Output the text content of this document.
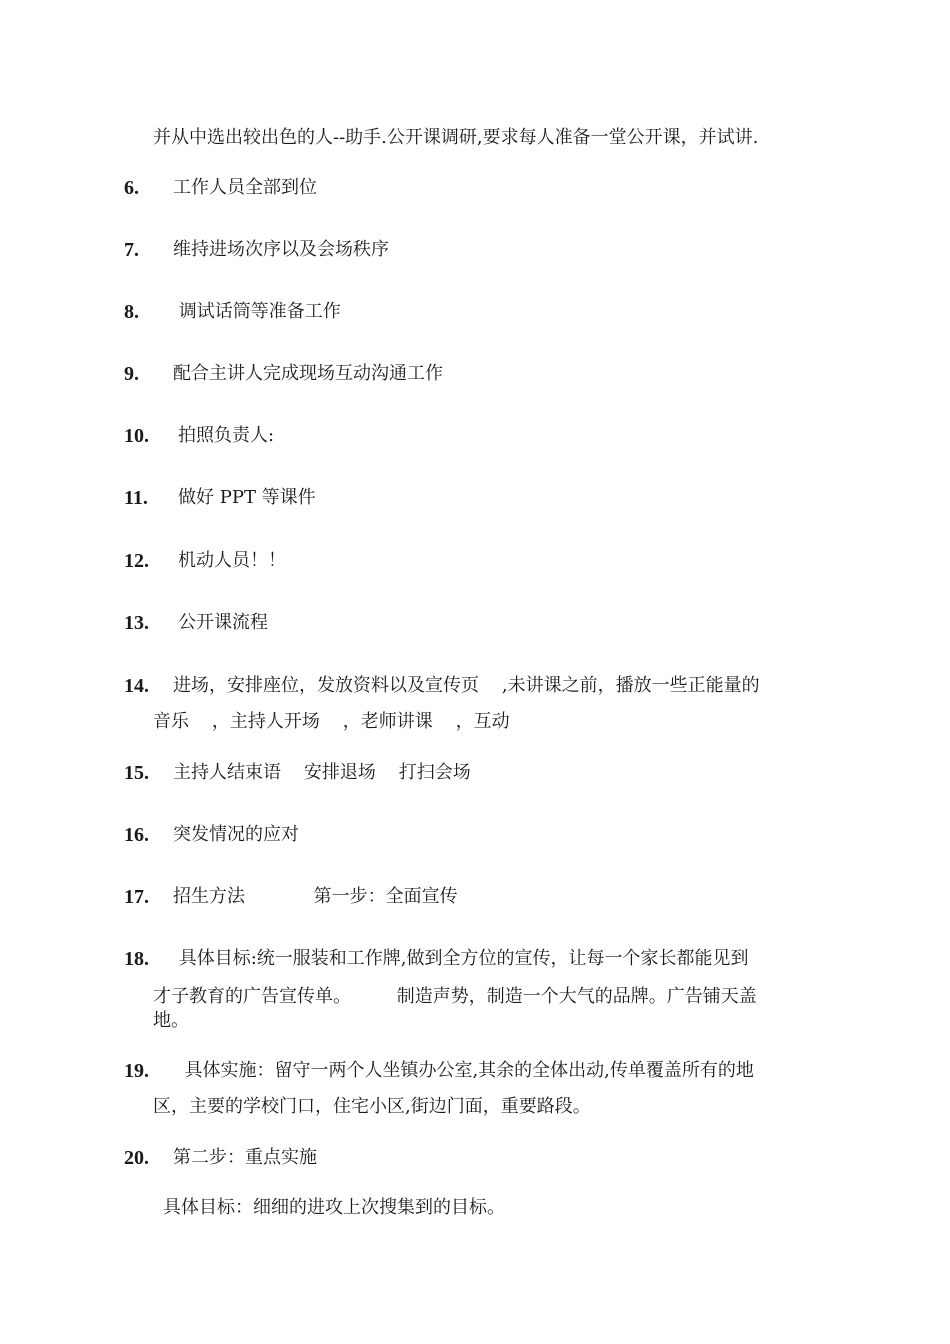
并从中选出较出色的人--助手.公开课调研,要求每人准备一堂公开课，并试讲.
6. 工作人员全部到位
7. 维持进场次序以及会场秩序
8. 调试话筒等准备工作
9. 配合主讲人完成现场互动沟通工作
10. 拍照负责人:
11. 做好 PPT 等课件
12. 机动人员！！
13. 公开课流程
14. 进场，安排座位，发放资料以及宣传页    ,未讲课之前，播放一些正能量的
音乐    ，主持人开场    ，老师讲课    ，互动
15. 主持人结束语    安排退场    打扫会场
16. 突发情况的应对
17. 招生方法            第一步：全面宣传
18. 具体目标:统一服装和工作牌,做到全方位的宣传，让每一个家长都能见到
才子教育的广告宣传单。        制造声势，制造一个大气的品牌。广告铺天盖
地。
19. 具体实施：留守一两个人坐镇办公室,其余的全体出动,传单覆盖所有的地
区，主要的学校门口，住宅小区,街边门面，重要路段。
20. 第二步：重点实施
具体目标：细细的进攻上次搜集到的目标。
